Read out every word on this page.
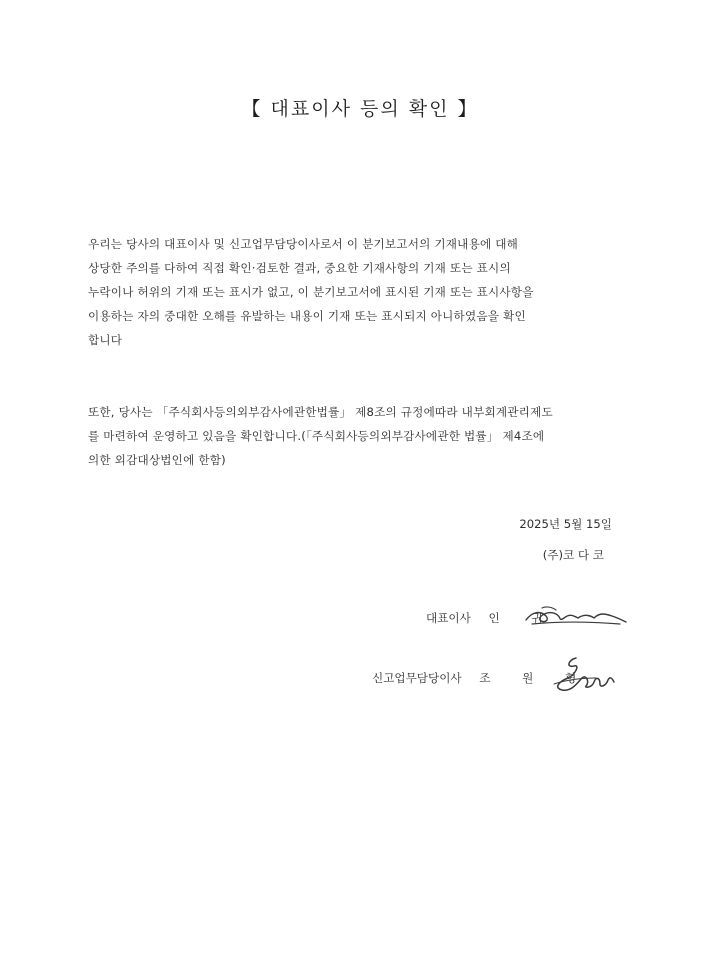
【 대표이사 등의 확인 】
우리는 당사의 대표이사 및 신고업무담당이사로서 이 분기보고서의 기재내용에 대해
상당한 주의를 다하여 직접 확인·검토한 결과, 중요한 기재사항의 기재 또는 표시의
누락이나 허위의 기재 또는 표시가 없고, 이 분기보고서에 표시된 기재 또는 표시사항을
이용하는 자의 중대한 오해를 유발하는 내용이 기재 또는 표시되지 아니하였음을 확인
합니다
또한, 당사는 「주식회사등의외부감사에관한법률」 제8조의 규정에따라 내부회계관리제도
를 마련하여 운영하고 있음을 확인합니다.(「주식회사등의외부감사에관한 법률」 제4조에
의한 외감대상법인에 한함)
2025년 5월 15일
(주)코 다 코
대표이사 인 귀
신고업무담당이사 조 원 형
